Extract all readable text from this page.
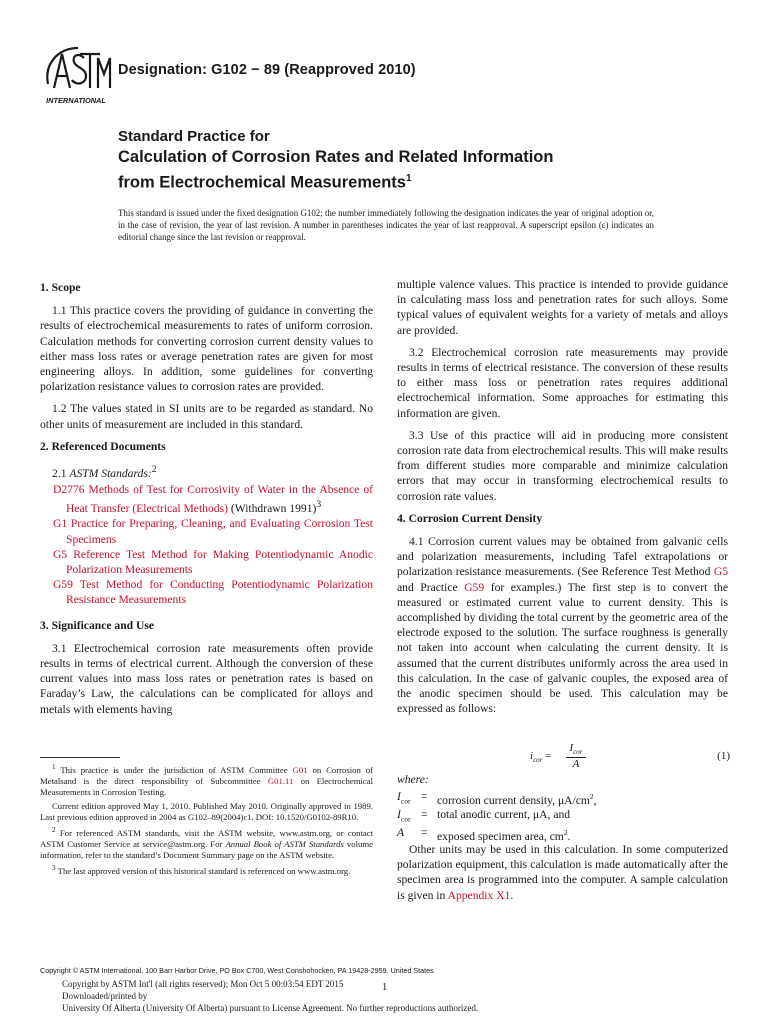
INTERNATIONAL
Designation: G102 − 89 (Reapproved 2010)
Standard Practice for
Calculation of Corrosion Rates and Related Information
from Electrochemical Measurements$^1$
This standard is issued under the fixed designation G102; the number immediately following the designation indicates the year of original adoption or, in the case of revision, the year of last revision. A number in parentheses indicates the year of last reapproval. A superscript epsilon (ε) indicates an editorial change since the last revision or reapproval.
1. Scope

1.1 This practice covers the providing of guidance in converting the results of electrochemical measurements to rates of uniform corrosion. Calculation methods for converting corrosion current density values to either mass loss rates or average penetration rates are given for most engineering alloys. In addition, some guidelines for converting polarization resistance values to corrosion rates are provided.

1.2 The values stated in SI units are to be regarded as standard. No other units of measurement are included in this standard.

2. Referenced Documents
2.1 ASTM Standards:$^2$
D2776 Methods of Test for Corrosivity of Water in the Absence of Heat Transfer (Electrical Methods) (Withdrawn 1991)$^3$
G1 Practice for Preparing, Cleaning, and Evaluating Corrosion Test Specimens
G5 Reference Test Method for Making Potentiodynamic Anodic Polarization Measurements
G59 Test Method for Conducting Potentiodynamic Polarization Resistance Measurements
3. Significance and Use

3.1 Electrochemical corrosion rate measurements often provide results in terms of electrical current. Although the conversion of these current values into mass loss rates or penetration rates is based on Faraday’s Law, the calculations can be complicated for alloys and metals with elements having

$^1$ This practice is under the jurisdiction of ASTM Committee G01 on Corrosion of Metalsand is the direct responsibility of Subcommittee G01.11 on Electrochemical Measurements in Corrosion Testing.

Current edition approved May 1, 2010. Published May 2010. Originally approved in 1989. Last previous edition approved in 2004 as G102–89(2004)ε1. DOI: 10.1520/G0102-89R10.

$^2$ For referenced ASTM standards, visit the ASTM website, www.astm.org, or contact ASTM Customer Service at service@astm.org. For Annual Book of ASTM Standards volume information, refer to the standard’s Document Summary page on the ASTM website.

$^3$ The last approved version of this historical standard is referenced on www.astm.org.

multiple valence values. This practice is intended to provide guidance in calculating mass loss and penetration rates for such alloys. Some typical values of equivalent weights for a variety of metals and alloys are provided.

3.2 Electrochemical corrosion rate measurements may provide results in terms of electrical resistance. The conversion of these results to either mass loss or penetration rates requires additional electrochemical information. Some approaches for estimating this information are given.

3.3 Use of this practice will aid in producing more consistent corrosion rate data from electrochemical results. This will make results from different studies more comparable and minimize calculation errors that may occur in transforming electrochemical results to corrosion rate values.

4. Corrosion Current Density

4.1 Corrosion current values may be obtained from galvanic cells and polarization measurements, including Tafel extrapolations or polarization resistance measurements. (See Reference Test Method G5 and Practice G59 for examples.) The first step is to convert the measured or estimated current value to current density. This is accomplished by dividing the total current by the geometric area of the electrode exposed to the solution. The surface roughness is generally not taken into account when calculating the current density. It is assumed that the current distributes uniformly across the area used in this calculation. In the case of galvanic couples, the exposed area of the anodic specimen should be used. This calculation may be expressed as follows:

$i_{cor}$ =
$I_{cor}$
A
(1)
where:
$I_{cor}$ = corrosion current density, $\mu A/cm^2$,
$I_{cor}$ = total anodic current, μA, and
A	= exposed specimen area, $cm^2$.

Other units may be used in this calculation. In some computerized polarization equipment, this calculation is made automatically after the specimen area is programmed into the computer. A sample calculation is given in Appendix X1.

Copyright © ASTM International, 100 Barr Harbor Drive, PO Box C700, West Conshohocken, PA 19428-2959. United States
Copyright by ASTM Int'l (all rights reserved); Mon Oct 5 00:03:54 EDT 2015
Downloaded/printed by
University Of Alberta (University Of Alberta) pursuant to License Agreement. No further reproductions authorized.
1
